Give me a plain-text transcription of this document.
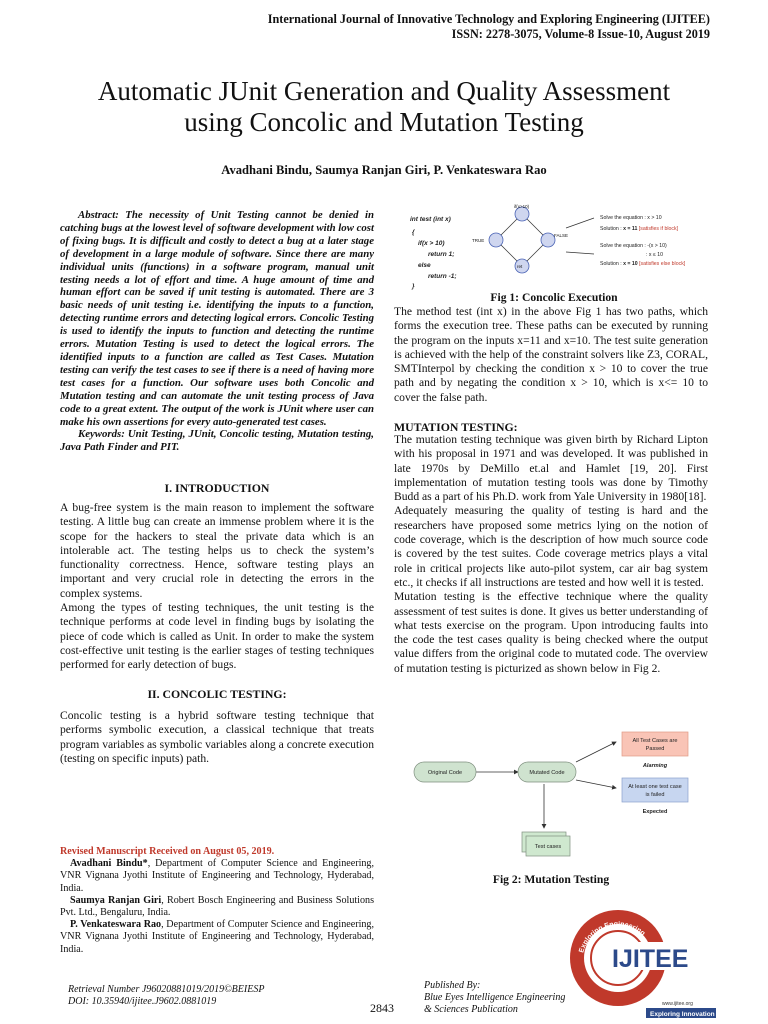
International Journal of Innovative Technology and Exploring Engineering (IJITEE)
ISSN: 2278-3075, Volume-8 Issue-10, August 2019
Automatic JUnit Generation and Quality Assessment
using Concolic and Mutation Testing
Avadhani Bindu, Saumya Ranjan Giri, P. Venkateswara Rao

Abstract: The necessity of Unit Testing cannot be denied in catching bugs at the lowest level of software development with low cost of fixing bugs. It is difficult and costly to detect a bug at a later stage of development in a large module of software. Since there are many individual units (functions) in a software program, manual unit testing needs a lot of effort and time. A huge amount of time and human effort can be saved if unit testing is automated. There are 3 basic needs of unit testing i.e. identifying the inputs to a function, detecting runtime errors and detecting logical errors. Concolic Testing is used to identify the inputs to function and detecting the runtime errors. Mutation Testing is used to detect the logical errors. The identified inputs to a function are called as Test Cases. Mutation testing can verify the test cases to see if there is a need of having more test cases for a function. Our software uses both Concolic and Mutation testing and can automate the unit testing process of Java code to a great extent. The output of the work is JUnit where user can make his own assertions for every auto-generated test cases.

Keywords: Unit Testing, JUnit, Concolic testing, Mutation testing, Java Path Finder and PIT.

I. INTRODUCTION

A bug-free system is the main reason to implement the software testing. A little bug can create an immense problem where it is the scope for the hackers to steal the private data which is an intolerable act. The testing helps us to check the system’s functionality correctness. Hence, software testing plays an important and very crucial role in detecting the errors in the complex systems.

Among the types of testing techniques, the unit testing is the technique performs at code level in finding bugs by isolating the piece of code which is called as Unit. In order to make the system cost-effective unit testing is the earlier stages of testing techniques performed for early detection of bugs.

II. CONCOLIC TESTING:
Concolic testing is a hybrid software testing technique that performs symbolic execution, a classical technique that treats program variables as symbolic variables along a concrete execution (testing on specific inputs) path.
Revised Manuscript Received on August 05, 2019.

Avadhani Bindu*, Department of Computer Science and Engineering, VNR Vignana Jyothi Institute of Engineering and Technology, Hyderabad, India.

Saumya Ranjan Giri, Robert Bosch Engineering and Business Solutions Pvt. Ltd., Bengaluru, India.

P. Venkateswara Rao, Department of Computer Science and Engineering, VNR Vignana Jyothi Institute of Engineering and Technology, Hyderabad, India.

int test (int x)
{
if(x > 10)
return 1;
else
return -1;
}
if(x>10)
TRUE
FALSE
ret
Solve the equation : x > 10
Solution : x = 11 [satisfies if block]
Solve the equation : -(x > 10)
: x ≤ 10
Solution : x = 10 [satisfies else block]
Fig 1: Concolic Execution

The method test (int x) in the above Fig 1 has two paths, which forms the execution tree. These paths can be executed by running the program on the inputs x=11 and x=10. The test suite generation is achieved with the help of the constraint solvers like Z3, CORAL, SMTInterpol by checking the condition x > 10 to cover the true path and by negating the condition x > 10, which is x<= 10 to cover the false path.

MUTATION TESTING:

The mutation testing technique was given birth by Richard Lipton with his proposal in 1971 and was developed. It was published in late 1970s by DeMillo et.al and Hamlet [19, 20]. First implementation of mutation testing tools was done by Timothy Budd as a part of his Ph.D. work from Yale University in 1980[18].

Adequately measuring the quality of testing is hard and the researchers have proposed some metrics lying on the notion of code coverage, which is the description of how much source code is covered by the test suites. Code coverage metrics plays a vital role in critical projects like auto-pilot system, car air bag system etc., it checks if all instructions are tested and how well it is tested.

Mutation testing is the effective technique where the quality assessment of test suites is done. It gives us better understanding of what tests exercise on the program. Upon introducing faults into the code the test cases quality is being checked where the output value differs from the original code to mutated code. The overview of mutation testing is picturized as shown below in Fig 2.

Original Code	Mutated Code
All Test Cases are
Passed
At least one test case
is failed
Test cases
Alarming
Expected
Fig 2: Mutation Testing
IJITEE
Exploring Engineering
www.ijitee.org
Exploring Innovation
Retrieval Number J96020881019/2019©BEIESP
DOI: 10.35940/ijitee.J9602.0881019	2843
Published By:
Blue Eyes Intelligence Engineering
& Sciences Publication
